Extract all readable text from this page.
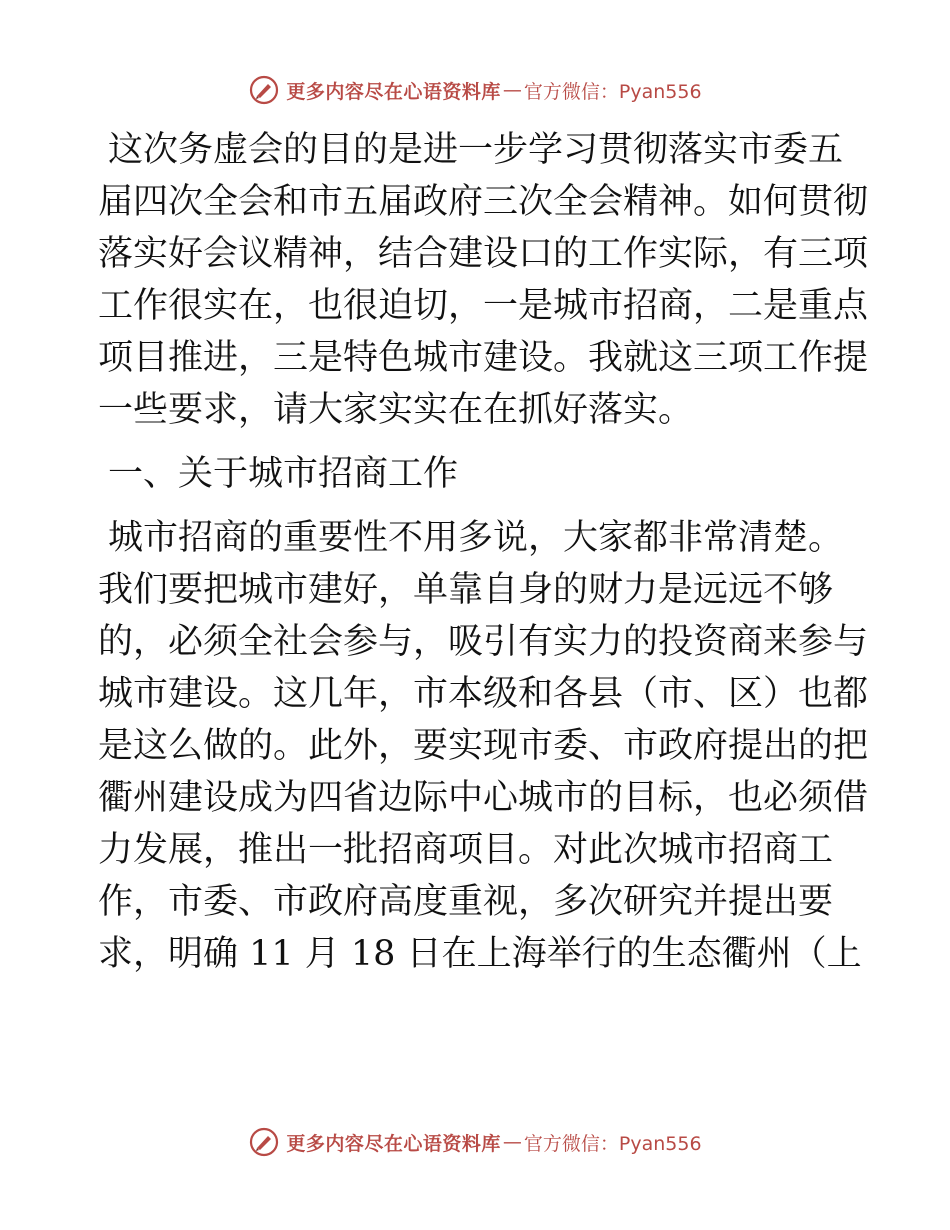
更多内容尽在心语资料库 — 官方微信：Pyan556
这次务虚会的目的是进一步学习贯彻落实市委五
届四次全会和市五届政府三次全会精神。如何贯彻
落实好会议精神，结合建设口的工作实际，有三项
工作很实在，也很迫切，一是城市招商，二是重点
项目推进，三是特色城市建设。我就这三项工作提
一些要求，请大家实实在在抓好落实。
一、关于城市招商工作
城市招商的重要性不用多说，大家都非常清楚。
我们要把城市建好，单靠自身的财力是远远不够
的，必须全社会参与，吸引有实力的投资商来参与
城市建设。这几年，市本级和各县（市、区）也都
是这么做的。此外，要实现市委、市政府提出的把
衢州建设成为四省边际中心城市的目标，也必须借
力发展，推出一批招商项目。对此次城市招商工
作，市委、市政府高度重视，多次研究并提出要
求，明确 11 月 18 日在上海举行的生态衢州（上
更多内容尽在心语资料库 — 官方微信：Pyan556
